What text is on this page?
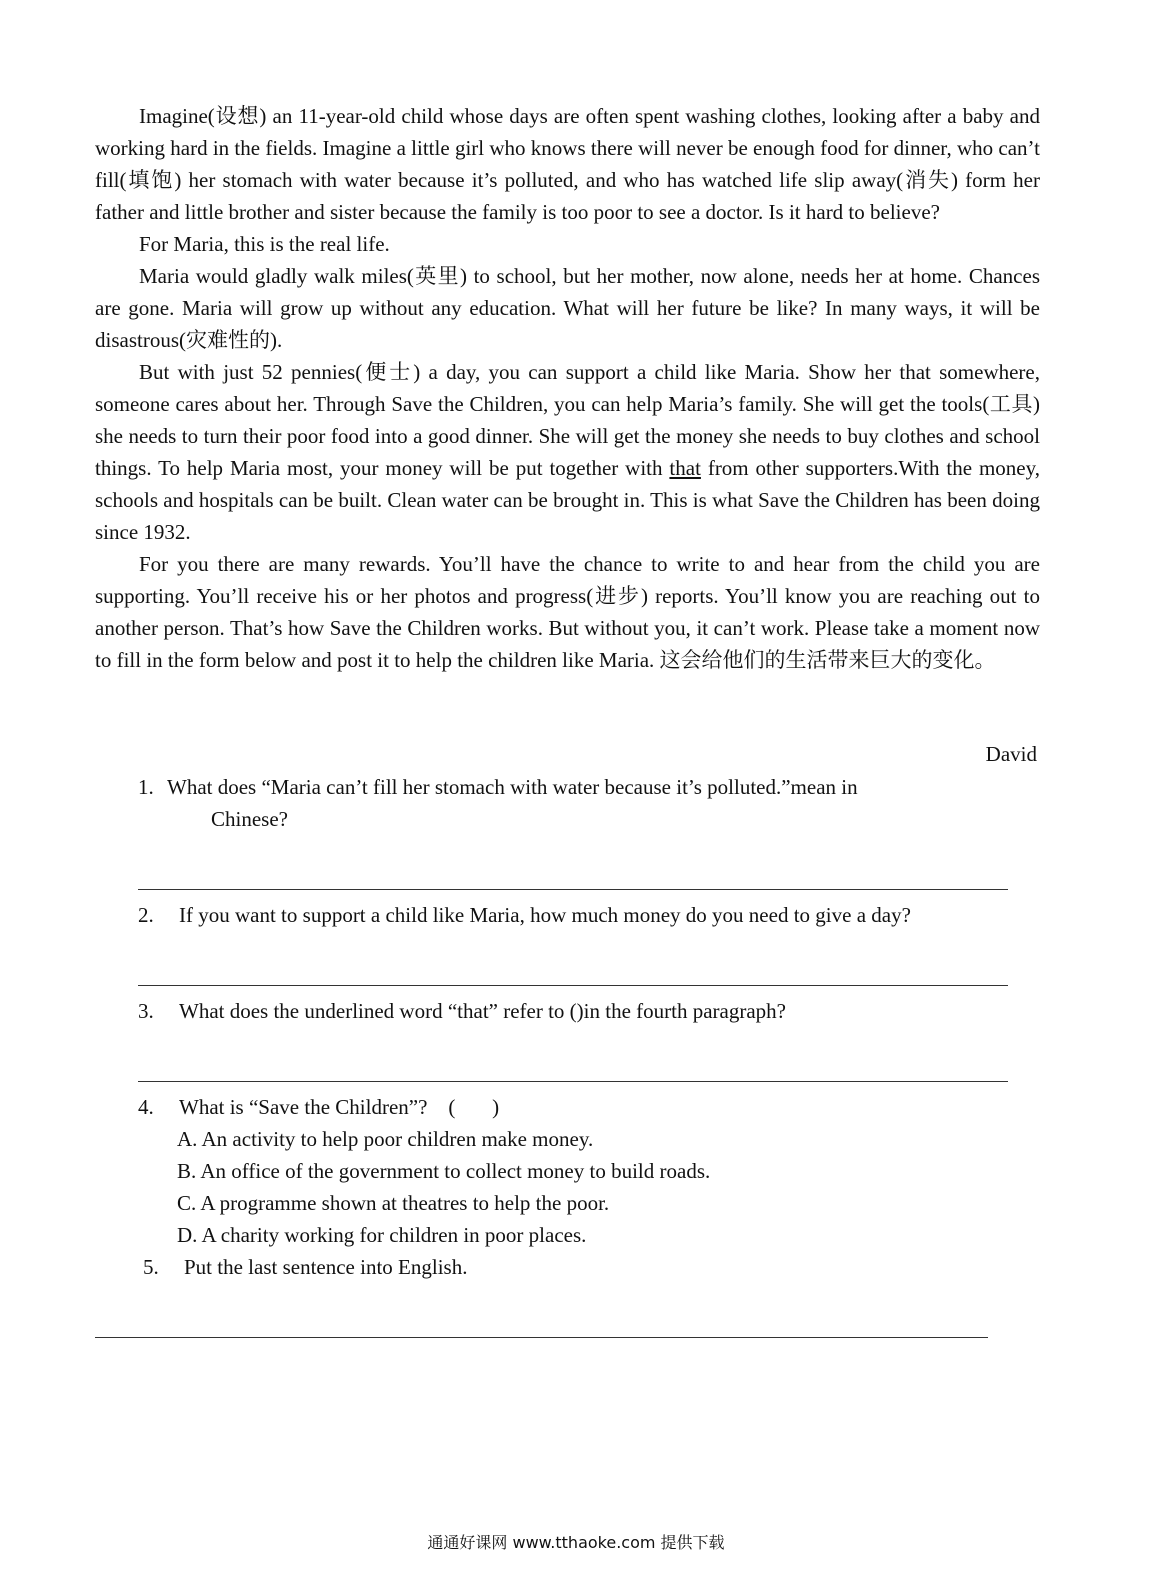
Imagine(设想) an 11-year-old child whose days are often spent washing clothes, looking after a baby and working hard in the fields. Imagine a little girl who knows there will never be enough food for dinner, who can’t fill(填饱) her stomach with water because it’s polluted, and who has watched life slip away(消失) form her father and little brother and sister because the family is too poor to see a doctor. Is it hard to believe?

For Maria, this is the real life.

Maria would gladly walk miles(英里) to school, but her mother, now alone, needs her at home. Chances are gone. Maria will grow up without any education. What will her future be like? In many ways, it will be disastrous(灾难性的).

But with just 52 pennies(便士) a day, you can support a child like Maria. Show her that somewhere, someone cares about her. Through Save the Children, you can help Maria’s family. She will get the tools(工具) she needs to turn their poor food into a good dinner. She will get the money she needs to buy clothes and school things. To help Maria most, your money will be put together with that from other supporters.With the money, schools and hospitals can be built. Clean water can be brought in. This is what Save the Children has been doing since 1932.

For you there are many rewards. You’ll have the chance to write to and hear from the child you are supporting. You’ll receive his or her photos and progress(进步) reports. You’ll know you are reaching out to another person. That’s how Save the Children works. But without you, it can’t work. Please take a moment now to fill in the form below and post it to help the children like Maria. 这会给他们的生活带来巨大的变化。

David
1. What does “Maria can’t fill her stomach with water because it’s polluted.”mean in
Chinese?
2. If you want to support a child like Maria, how much money do you need to give a day?
3. What does the underlined word “that” refer to ()in the fourth paragraph?
4. What is “Save the Children”?    (       )
A. An activity to help poor children make money.
B. An office of the government to collect money to build roads.
C. A programme shown at theatres to help the poor.
D. A charity working for children in poor places.
5. Put the last sentence into English.
通通好课网 www.tthaoke.com 提供下载
